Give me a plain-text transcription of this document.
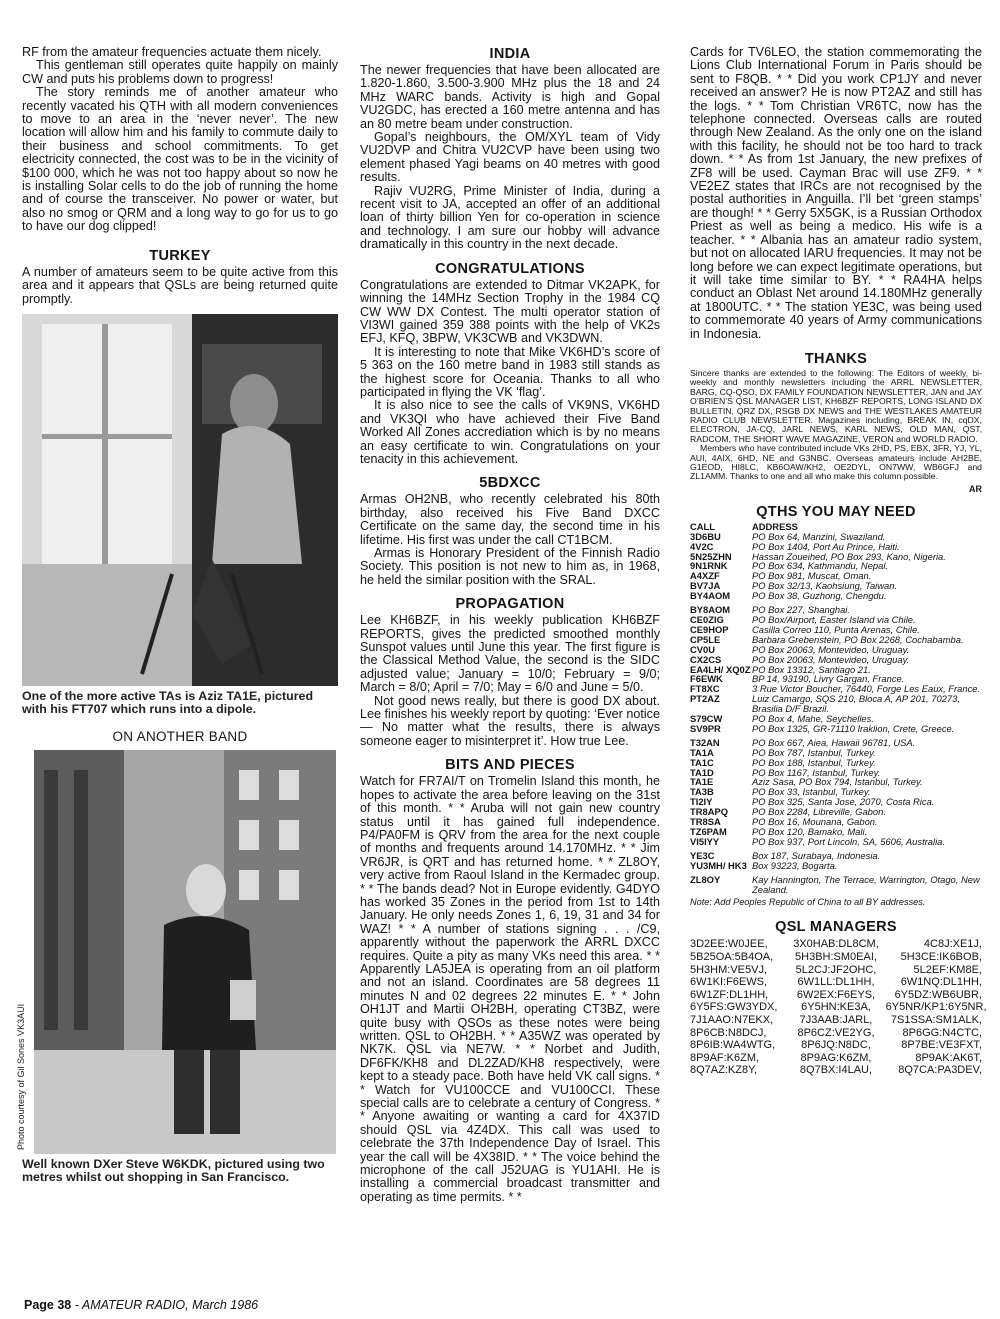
RF from the amateur frequencies actuate them nicely.

This gentleman still operates quite happily on mainly CW and puts his problems down to progress!

The story reminds me of another amateur who recently vacated his QTH with all modern conveniences to move to an area in the ‘never never’. The new location will allow him and his family to commute daily to their business and school commitments. To get electricity connected, the cost was to be in the vicinity of $100 000, which he was not too happy about so now he is installing Solar cells to do the job of running the home and of course the transceiver. No power or water, but also no smog or QRM and a long way to go for us to go to have our dog clipped!

TURKEY

A number of amateurs seem to be quite active from this area and it appears that QSLs are being returned quite promptly.

One of the more active TAs is Aziz TA1E, pictured with his FT707 which runs into a dipole.

ON ANOTHER BAND
Photo courtesy of Gil Sones VK3AUI

Well known DXer Steve W6KDK, pictured using two metres whilst out shopping in San Francisco.

INDIA

The newer frequencies that have been allocated are 1.820-1.860, 3.500-3.900 MHz plus the 18 and 24 MHz WARC bands. Activity is high and Gopal VU2GDC, has erected a 160 metre antenna and has an 80 metre beam under construction.

Gopal’s neighbours, the OM/XYL team of Vidy VU2DVP and Chitra VU2CVP have been using two element phased Yagi beams on 40 metres with good results.

Rajiv VU2RG, Prime Minister of India, during a recent visit to JA, accepted an offer of an additional loan of thirty billion Yen for co-operation in science and technology. I am sure our hobby will advance dramatically in this country in the next decade.

CONGRATULATIONS

Congratulations are extended to Ditmar VK2APK, for winning the 14MHz Section Trophy in the 1984 CQ CW WW DX Contest. The multi operator station of VI3WI gained 359 388 points with the help of VK2s EFJ, KFQ, 3BPW, VK3CWB and VK3DWN.

It is interesting to note that Mike VK6HD’s score of 5 363 on the 160 metre band in 1983 still stands as the highest score for Oceania. Thanks to all who participated in flying the VK ‘flag’.

It is also nice to see the calls of VK9NS, VK6HD and VK3QI who have achieved their Five Band Worked All Zones accrediation which is by no means an easy certificate to win. Congratulations on your tenacity in this achievement.

5BDXCC

Armas OH2NB, who recently celebrated his 80th birthday, also received his Five Band DXCC Certificate on the same day, the second time in his lifetime. His first was under the call CT1BCM.

Armas is Honorary President of the Finnish Radio Society. This position is not new to him as, in 1968, he held the similar position with the SRAL.

PROPAGATION

Lee KH6BZF, in his weekly publication KH6BZF REPORTS, gives the predicted smoothed monthly Sunspot values until June this year. The first figure is the Classical Method Value, the second is the SIDC adjusted value; January = 10/0; February = 9/0; March = 8/0; April = 7/0; May = 6/0 and June = 5/0.

Not good news really, but there is good DX about. Lee finishes his weekly report by quoting: ‘Ever notice — No matter what the results, there is always someone eager to misinterpret it’. How true Lee.

BITS AND PIECES

Watch for FR7AI/T on Tromelin Island this month, he hopes to activate the area before leaving on the 31st of this month. * * Aruba will not gain new country status until it has gained full independence. P4/PA0FM is QRV from the area for the next couple of months and frequents around 14.170MHz. * * Jim VR6JR, is QRT and has returned home. * * ZL8OY, very active from Raoul Island in the Kermadec group. * * The bands dead? Not in Europe evidently. G4DYO has worked 35 Zones in the period from 1st to 14th January. He only needs Zones 1, 6, 19, 31 and 34 for WAZ! * * A number of stations signing . . . /C9, apparently without the paperwork the ARRL DXCC requires. Quite a pity as many VKs need this area. * * Apparently LA5JEA is operating from an oil platform and not an island. Coordinates are 58 degrees 11 minutes N and 02 degrees 22 minutes E. * * John OH1JT and Martii OH2BH, operating CT3BZ, were quite busy with QSOs as these notes were being written. QSL to OH2BH. * * A35WZ was operated by NK7K. QSL via NE7W. * * Norbet and Judith, DF6FK/KH8 and DL2ZAD/KH8 respectively, were kept to a steady pace. Both have held VK call signs. * * Watch for VU100CCE and VU100CCI. These special calls are to celebrate a century of Congress. * * Anyone awaiting or wanting a card for 4X37ID should QSL via 4Z4DX. This call was used to celebrate the 37th Independence Day of Israel. This year the call will be 4X38ID. * * The voice behind the microphone of the call J52UAG is YU1AHI. He is installing a commercial broadcast transmitter and operating as time permits. * *

Cards for TV6LEO, the station commemorating the Lions Club International Forum in Paris should be sent to F8QB. * * Did you work CP1JY and never received an answer? He is now PT2AZ and still has the logs. * * Tom Christian VR6TC, now has the telephone connected. Overseas calls are routed through New Zealand. As the only one on the island with this facility, he should not be too hard to track down. * * As from 1st January, the new prefixes of ZF8 will be used. Cayman Brac will use ZF9. * * VE2EZ states that IRCs are not recognised by the postal authorities in Anguilla. I’ll bet ‘green stamps’ are though! * * Gerry 5X5GK, is a Russian Orthodox Priest as well as being a medico. His wife is a teacher. * * Albania has an amateur radio system, but not on allocated IARU frequencies. It may not be long before we can expect legitimate operations, but it will take time similar to BY. * * RA4HA helps conduct an Oblast Net around 14.180MHz generally at 1800UTC. * * The station YE3C, was being used to commemorate 40 years of Army communications in Indonesia.

THANKS

Sincere thanks are extended to the following: The Editors of weekly, bi-weekly and monthly newsletters including the ARRL NEWSLETTER, BARG, CQ-QSO, DX FAMILY FOUNDATION NEWSLETTER, JAN and JAY O’BRIEN’S QSL MANAGER LIST, KH6BZF REPORTS, LONG ISLAND DX BULLETIN, QRZ DX, RSGB DX NEWS and THE WESTLAKES AMATEUR RADIO CLUB NEWSLETTER. Magazines including, BREAK IN, cqDX, ELECTRON, JA-CQ, JARL NEWS, KARL NEWS, OLD MAN, QST, RADCOM, THE SHORT WAVE MAGAZINE, VERON and WORLD RADIO.

Members who have contributed include VKs 2HD, PS, EBX, 3FR, YJ, YL, AUI, 4AIX, 6HD, NE and G3NBC. Overseas amateurs include AH2BE, G1EOD, HI8LC, KB6OAW/KH2, OE2DYL, ON7WW, WB6GFJ and ZL1AMM. Thanks to one and all who make this column possible.

AR

QTHS YOU MAY NEED
CALL	ADDRESS
3D6BU	PO Box 64, Manzini, Swaziland.
4V2C	PO Box 1404, Port Au Prince, Haiti.
5N25ZHN	Hassan Zoueihed, PO Box 293, Kano, Nigeria.
9N1RNK	PO Box 634, Kathmandu, Nepal.
A4XZF	PO Box 981, Muscat, Oman.
BV7JA	PO Box 32/13, Kaohsiung, Taiwan.
BY4AOM	PO Box 38, Guzhong, Chengdu.
BY8AOM	PO Box 227, Shanghai.
CE0ZIG	PO Box/Airport, Easter Island via Chile.
CE9HOP	Casilla Correo 110, Punta Arenas, Chile.
CP5LE	Barbara Grebenstein, PO Box 2268, Cochabamba.
CV0U	PO Box 20063, Montevideo, Uruguay.
CX2CS	PO Box 20063, Montevideo, Uruguay.
EA4LH/ XQ0Z	PO Box 13312, Santiago 21.
F6EWK	BP 14, 93190, Livry Gargan, France.
FT8XC	3 Rue Victor Boucher, 76440, Forge Les Eaux, France.
PT2AZ	Luiz Camargo, SQS 210, Bloca A, AP 201, 70273, Brasilia D/F Brazil.
S79CW	PO Box 4, Mahe, Seychelles.
SV9PR	PO Box 1325, GR-71110 Iraklion, Crete, Greece.
T32AN	PO Box 667, Aiea, Hawaii 96781, USA.
TA1A	PO Box 787, Istanbul, Turkey.
TA1C	PO Box 188, Istanbul, Turkey.
TA1D	PO Box 1167, Istanbul, Turkey.
TA1E	Aziz Sasa, PO Box 794, Istanbul, Turkey.
TA3B	PO Box 33, Istanbul, Turkey.
TI2IY	PO Box 325, Santa Jose, 2070, Costa Rica.
TR8APQ	PO Box 2284, Libreville, Gabon.
TR8SA	PO Box 16, Mounana, Gabon.
TZ6PAM	PO Box 120, Bamako, Mali.
VI5IYY	PO Box 937, Port Lincoln, SA, 5606, Australia.
YE3C	Box 187, Surabaya, Indonesia.
YU3MH/ HK3	Box 93223, Bogarta.
ZL8OY	Kay Hannington, The Terrace, Warrington, Otago, New Zealand.

Note: Add Peoples Republic of China to all BY addresses.

QSL MANAGERS
3D2EE:W0JEE,	3X0HAB:DL8CM,	4C8J:XE1J,
5B25OA:5B4OA,	5H3BH:SM0EAI,	5H3CE:IK6BOB,
5H3HM:VE5VJ,	5L2CJ:JF2OHC,	5L2EF:KM8E,
6W1KI:F6EWS,	6W1LL:DL1HH,	6W1NQ:DL1HH,
6W1ZF:DL1HH,	6W2EX:F6EYS,	6Y5DZ:WB6UBR,
6Y5FS:GW3YDX,	6Y5HN:KE3A,	6Y5NR/KP1:6Y5NR,
7J1AAO:N7EKX,	7J3AAB:JARL,	7S1SSA:SM1ALK,
8P6CB:N8DCJ,	8P6CZ:VE2YG,	8P6GG:N4CTC,
8P6IB:WA4WTG,	8P6JQ:N8DC,	8P7BE:VE3FXT,
8P9AF:K6ZM,	8P9AG:K6ZM,	8P9AK:AK6T,
8Q7AZ:KZ8Y,	8Q7BX:I4LAU,	8Q7CA:PA3DEV,
Page 38 - AMATEUR RADIO, March 1986
